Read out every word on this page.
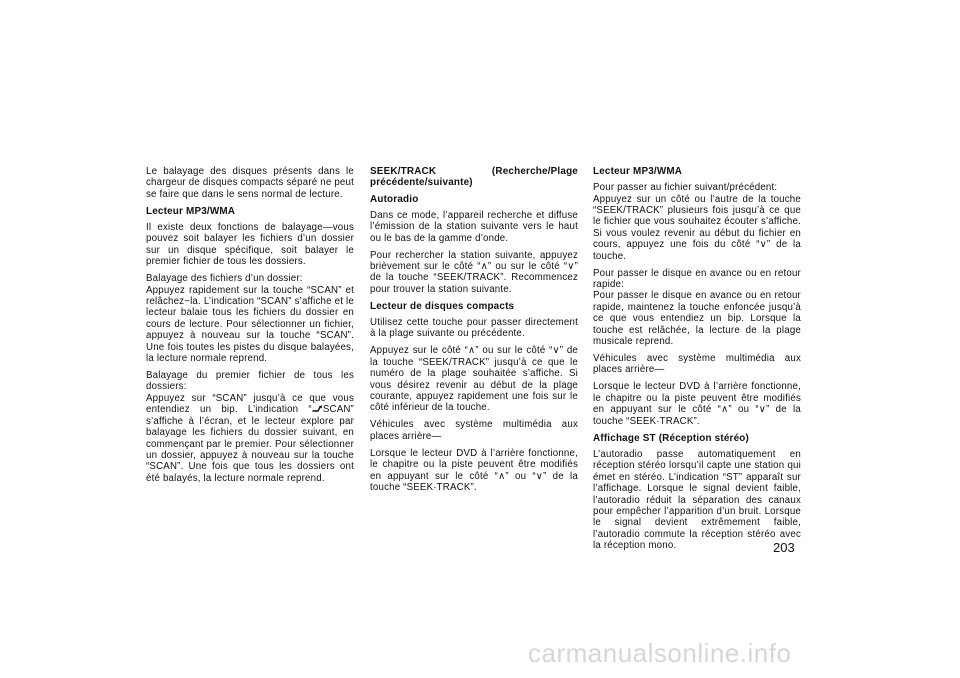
Le balayage des disques présents dans le chargeur de disques compacts séparé ne peut se faire que dans le sens normal de lecture.

Lecteur MP3/WMA

Il existe deux fonctions de balayage—vous pouvez soit balayer les fichiers d’un dossier sur un disque spécifique, soit balayer le premier fichier de tous les dossiers.

Balayage des fichiers d’un dossier:
Appuyez rapidement sur la touche “SCAN” et relâchez−la. L’indication “SCAN” s’affiche et le lecteur balaie tous les fichiers du dossier en cours de lecture. Pour sélectionner un fichier, appuyez à nouveau sur la touche “SCAN”. Une fois toutes les pistes du disque balayées, la lecture normale reprend.

Balayage du premier fichier de tous les dossiers:
Appuyez sur “SCAN” jusqu’à ce que vous entendiez un bip. L’indication “ SCAN” s’affiche à l’écran, et le lecteur explore par balayage les fichiers du dossier suivant, en commençant par le premier. Pour sélectionner un dossier, appuyez à nouveau sur la touche “SCAN”. Une fois que tous les dossiers ont été balayés, la lecture normale reprend.

SEEK/TRACK (Recherche/Plage précédente/suivante)

Autoradio

Dans ce mode, l’appareil recherche et diffuse l’émission de la station suivante vers le haut ou le bas de la gamme d’onde.

Pour rechercher la station suivante, appuyez brièvement sur le côté “∧” ou sur le côté “∨” de la touche “SEEK/TRACK”. Recommencez pour trouver la station suivante.

Lecteur de disques compacts

Utilisez cette touche pour passer directement à la plage suivante ou précédente.

Appuyez sur le côté “∧” ou sur le côté “∨” de la touche “SEEK/TRACK” jusqu’à ce que le numéro de la plage souhaitée s’affiche. Si vous désirez revenir au début de la plage courante, appuyez rapidement une fois sur le côté inférieur de la touche.

Véhicules avec système multimédia aux places arrière—

Lorsque le lecteur DVD à l’arrière fonctionne, le chapitre ou la piste peuvent être modifiés en appuyant sur le côté “∧” ou “∨” de la touche “SEEK·TRACK”.

Lecteur MP3/WMA

Pour passer au fichier suivant/précédent:
Appuyez sur un côté ou l’autre de la touche “SEEK/TRACK” plusieurs fois jusqu’à ce que le fichier que vous souhaitez écouter s’affiche. Si vous voulez revenir au début du fichier en cours, appuyez une fois du côté “∨” de la touche.

Pour passer le disque en avance ou en retour rapide:
Pour passer le disque en avance ou en retour rapide, maintenez la touche enfoncée jusqu’à ce que vous entendiez un bip. Lorsque la touche est relâchée, la lecture de la plage musicale reprend.

Véhicules avec système multimédia aux places arrière—

Lorsque le lecteur DVD à l’arrière fonctionne, le chapitre ou la piste peuvent être modifiés en appuyant sur le côté “∧” ou “∨” de la touche “SEEK·TRACK”.

Affichage ST (Réception stéréo)

L’autoradio passe automatiquement en réception stéréo lorsqu’il capte une station qui émet en stéréo. L’indication “ST” apparaît sur l’affichage. Lorsque le signal devient faible, l’autoradio réduit la séparation des canaux pour empêcher l’apparition d’un bruit. Lorsque le signal devient extrêmement faible, l’autoradio commute la réception stéréo avec la réception mono.	203
carmanualsonline.info
